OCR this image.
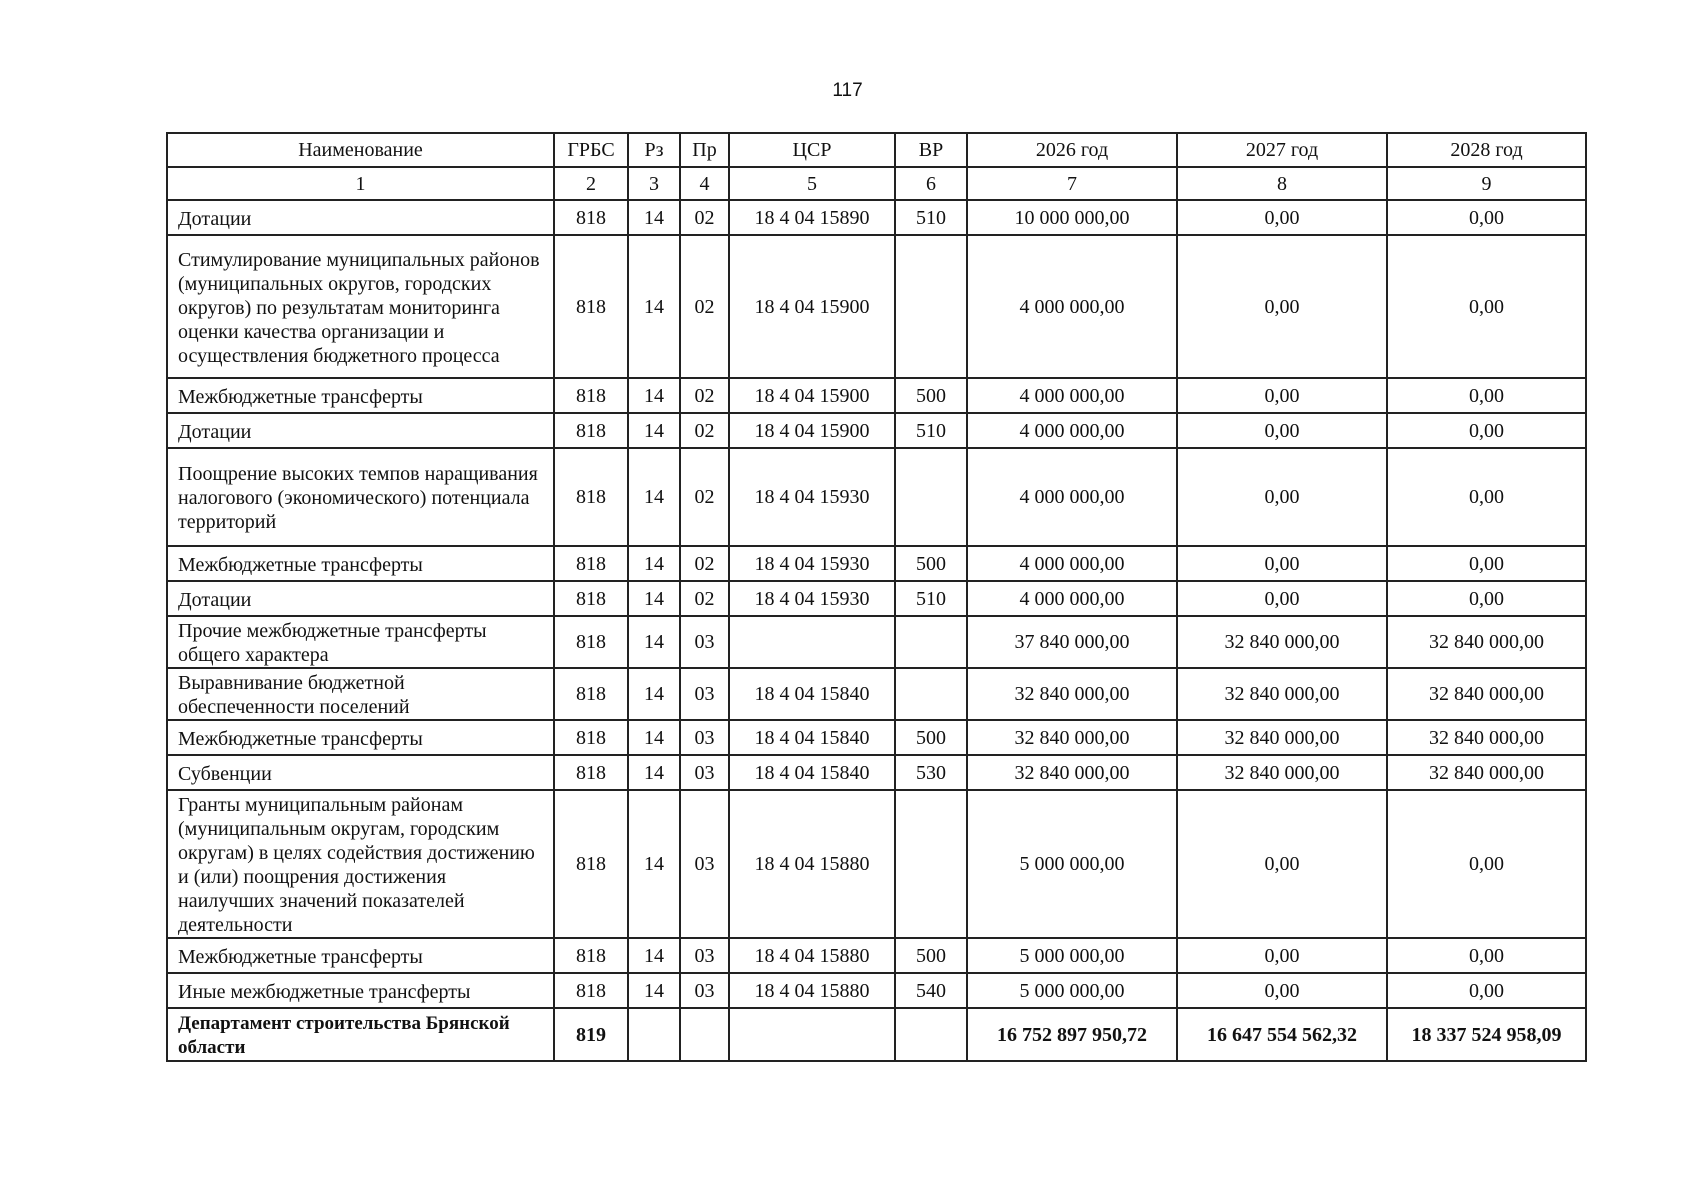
117
Наименование	ГРБС	Рз	Пр	ЦСР	ВР	2026 год	2027 год	2028 год
1	2	3	4	5	6	7	8	9
Дотации	818	14	02	18 4 04 15890	510	10 000 000,00	0,00	0,00
Стимулирование муниципальных районов (муниципальных округов, городских округов) по результатам мониторинга оценки качества организации и осуществления бюджетного процесса	818	14	02	18 4 04 15900		4 000 000,00	0,00	0,00
Межбюджетные трансферты	818	14	02	18 4 04 15900	500	4 000 000,00	0,00	0,00
Дотации	818	14	02	18 4 04 15900	510	4 000 000,00	0,00	0,00
Поощрение высоких темпов наращивания налогового (экономического) потенциала территорий	818	14	02	18 4 04 15930		4 000 000,00	0,00	0,00
Межбюджетные трансферты	818	14	02	18 4 04 15930	500	4 000 000,00	0,00	0,00
Дотации	818	14	02	18 4 04 15930	510	4 000 000,00	0,00	0,00
Прочие межбюджетные трансферты общего характера	818	14	03			37 840 000,00	32 840 000,00	32 840 000,00
Выравнивание бюджетной обеспеченности поселений	818	14	03	18 4 04 15840		32 840 000,00	32 840 000,00	32 840 000,00
Межбюджетные трансферты	818	14	03	18 4 04 15840	500	32 840 000,00	32 840 000,00	32 840 000,00
Субвенции	818	14	03	18 4 04 15840	530	32 840 000,00	32 840 000,00	32 840 000,00
Гранты муниципальным районам (муниципальным округам, городским округам) в целях содействия достижению и (или) поощрения достижения наилучших значений показателей деятельности	818	14	03	18 4 04 15880		5 000 000,00	0,00	0,00
Межбюджетные трансферты	818	14	03	18 4 04 15880	500	5 000 000,00	0,00	0,00
Иные межбюджетные трансферты	818	14	03	18 4 04 15880	540	5 000 000,00	0,00	0,00
Департамент строительства Брянской области	819					16 752 897 950,72	16 647 554 562,32	18 337 524 958,09
